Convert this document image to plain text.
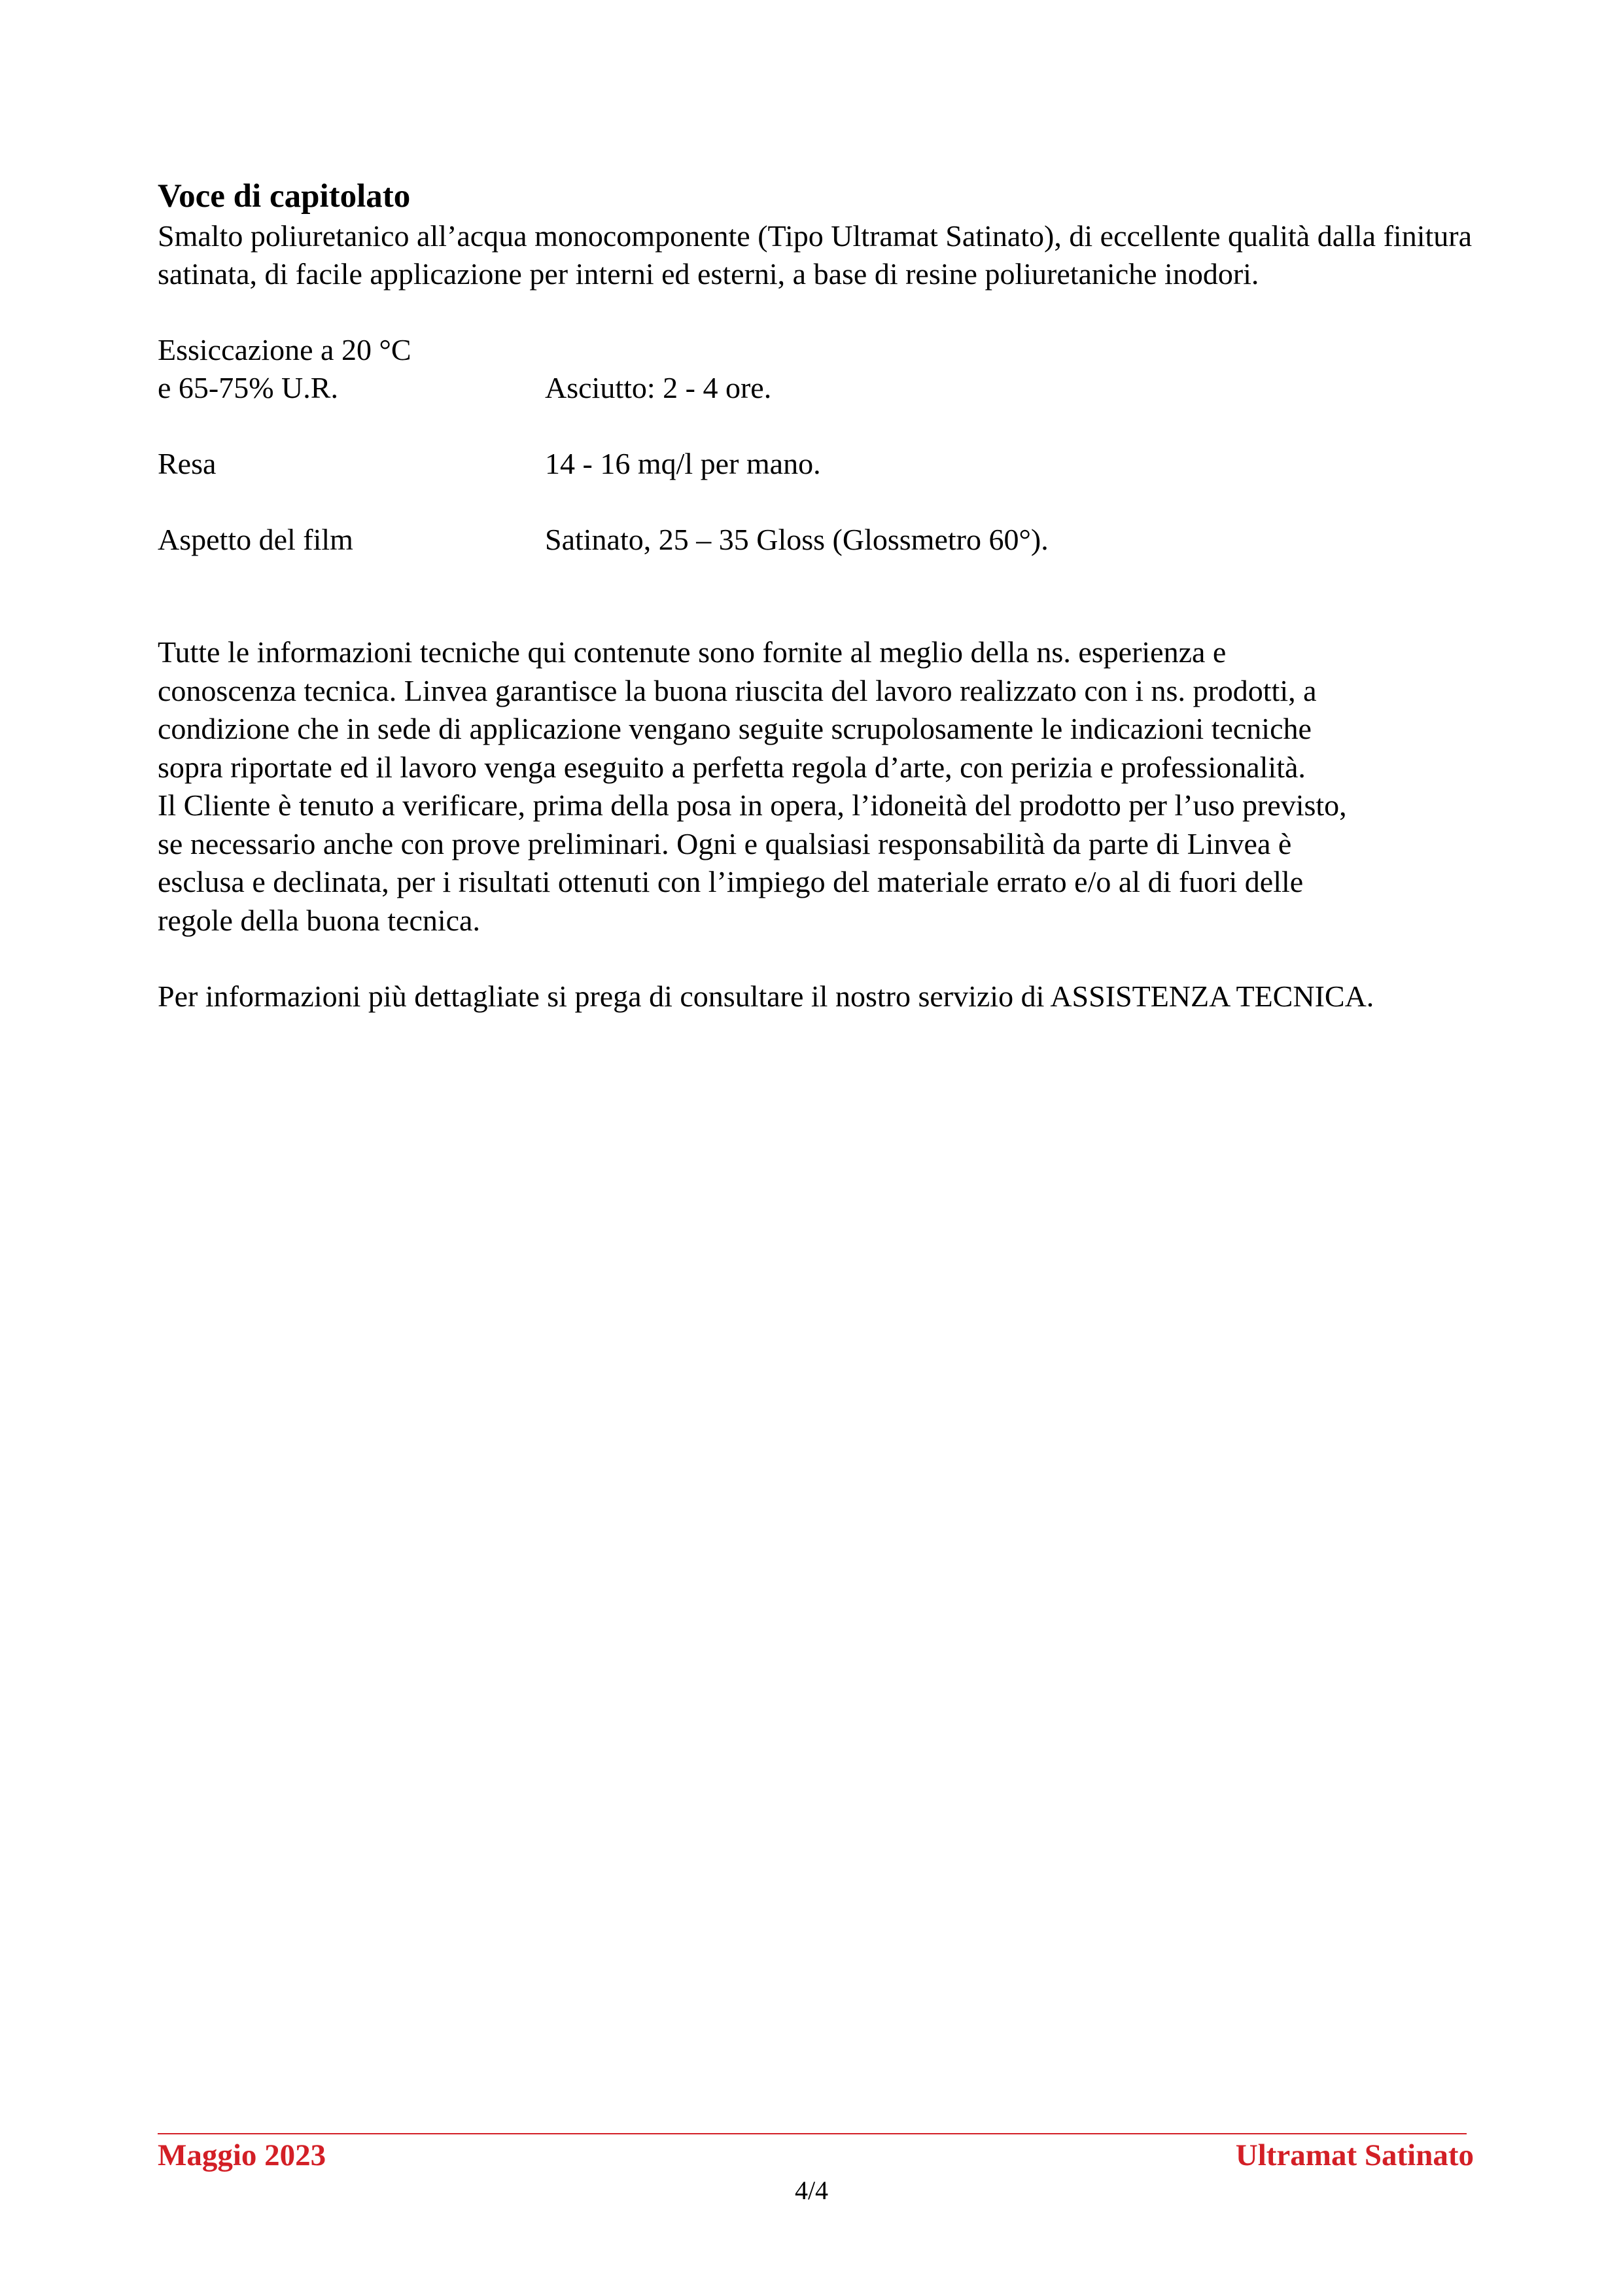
Voce di capitolato

Smalto poliuretanico all’acqua monocomponente (Tipo Ultramat Satinato), di eccellente qualità dalla finitura satinata, di facile applicazione per interni ed esterni, a base di resine poliuretaniche inodori.

Essiccazione a 20 °C
e 65-75% U.R.	Asciutto: 2 - 4 ore.
Resa	14 - 16 mq/l per mano.
Aspetto del film	Satinato, 25 – 35 Gloss (Glossmetro 60°).

Tutte le informazioni tecniche qui contenute sono fornite al meglio della ns. esperienza e

conoscenza tecnica. Linvea garantisce la buona riuscita del lavoro realizzato con i ns. prodotti, a

condizione che in sede di applicazione vengano seguite scrupolosamente le indicazioni tecniche

sopra riportate ed il lavoro venga eseguito a perfetta regola d’arte, con perizia e professionalità.

Il Cliente è tenuto a verificare, prima della posa in opera, l’idoneità del prodotto per l’uso previsto,

se necessario anche con prove preliminari. Ogni e qualsiasi responsabilità da parte di Linvea è

esclusa e declinata, per i risultati ottenuti con l’impiego del materiale errato e/o al di fuori delle

regole della buona tecnica.

Per informazioni più dettagliate si prega di consultare il nostro servizio di ASSISTENZA TECNICA.

Maggio 2023	Ultramat Satinato
4/4
